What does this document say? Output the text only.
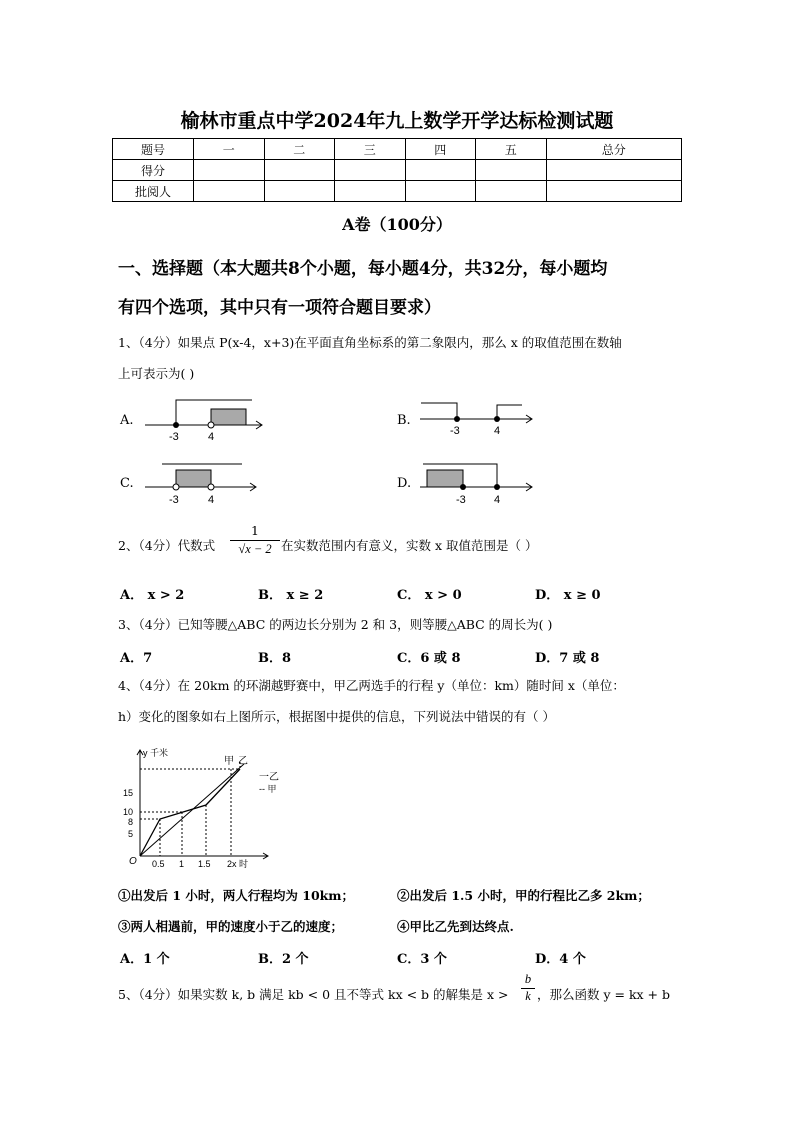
榆林市重点中学2024年九上数学开学达标检测试题
题号	一	二	三	四	五	总分
得分						
批阅人						
A卷（100分）
一、选择题（本大题共8个小题，每小题4分，共32分，每小题均
有四个选项，其中只有一项符合题目要求）
1、（4分）如果点 P(x-4，x+3)在平面直角坐标系的第二象限内，那么 x 的取值范围在数轴
上可表示为( )
A.
-3	4
B.
-3	4
C.
-3	4
D.
-3	4
2、（4分）代数式 $\frac{1}{√x - 2}$ 在实数范围内有意义，实数 x 取值范围是（ ）
A． x > 2	B． x ≥ 2	C． x > 0	D． x ≥ 0
3、（4分）已知等腰△ABC 的两边长分别为 2 和 3，则等腰△ABC 的周长为( )
A．7	B．8	C．6 或 8	D．7 或 8
4、（4分）在 20km 的环湖越野赛中，甲乙两选手的行程 y（单位：km）随时间 x（单位：
h）变化的图象如右上图所示，根据图中提供的信息，下列说法中错误的有（ ）
y 千米
x 时
O
甲 乙
15
10
8
5
0.5 1 1.5 2
一乙
-- 甲
①出发后 1 小时，两人行程均为 10km；	②出发后 1.5 小时，甲的行程比乙多 2km；
③两人相遇前，甲的速度小于乙的速度；	④甲比乙先到达终点.
A．1 个	B．2 个	C．3 个	D．4 个
5、（4分）如果实数 k, b 满足 kb < 0 且不等式 kx < b 的解集是 $x > \frac{b}{k}$ ，那么函数 y = kx + b
